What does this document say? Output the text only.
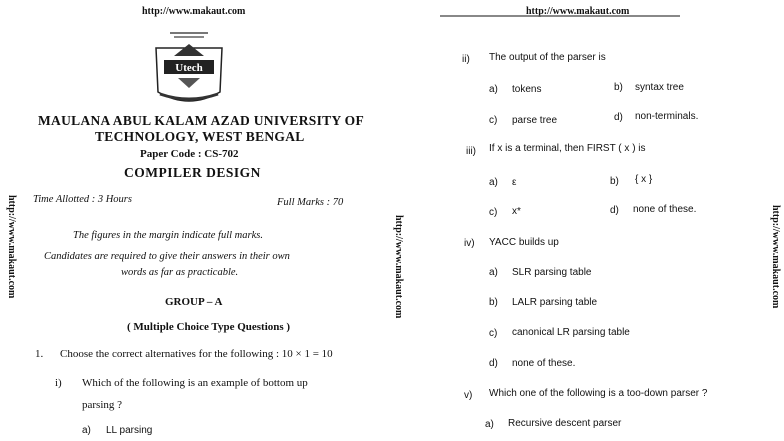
http://www.makaut.com
http://www.makaut.com	http://www.makaut.com	http://www.makaut.com
Utech
MAULANA ABUL KALAM AZAD UNIVERSITY OF
TECHNOLOGY, WEST BENGAL
Paper Code : CS-702
COMPILER DESIGN
Time Allotted : 3 Hours	Full Marks : 70
The figures in the margin indicate full marks.
Candidates are required to give their answers in their own
words as far as practicable.
GROUP – A
( Multiple Choice Type Questions )
1. Choose the correct alternatives for the following : 10 × 1 = 10
i) Which of the following is an example of bottom up
parsing ?
a) LL parsing
http://www.makaut.com
ii) The output of the parser is
a) tokens	b) syntax tree
c) parse tree	d) non-terminals.
iii) If x is a terminal, then FIRST ( x ) is
a) ε	b) { x }
c) x*	d) none of these.
iv) YACC builds up
a) SLR parsing table
b) LALR parsing table
c) canonical LR parsing table
d) none of these.
v) Which one of the following is a too-down parser ?
a) Recursive descent parser
